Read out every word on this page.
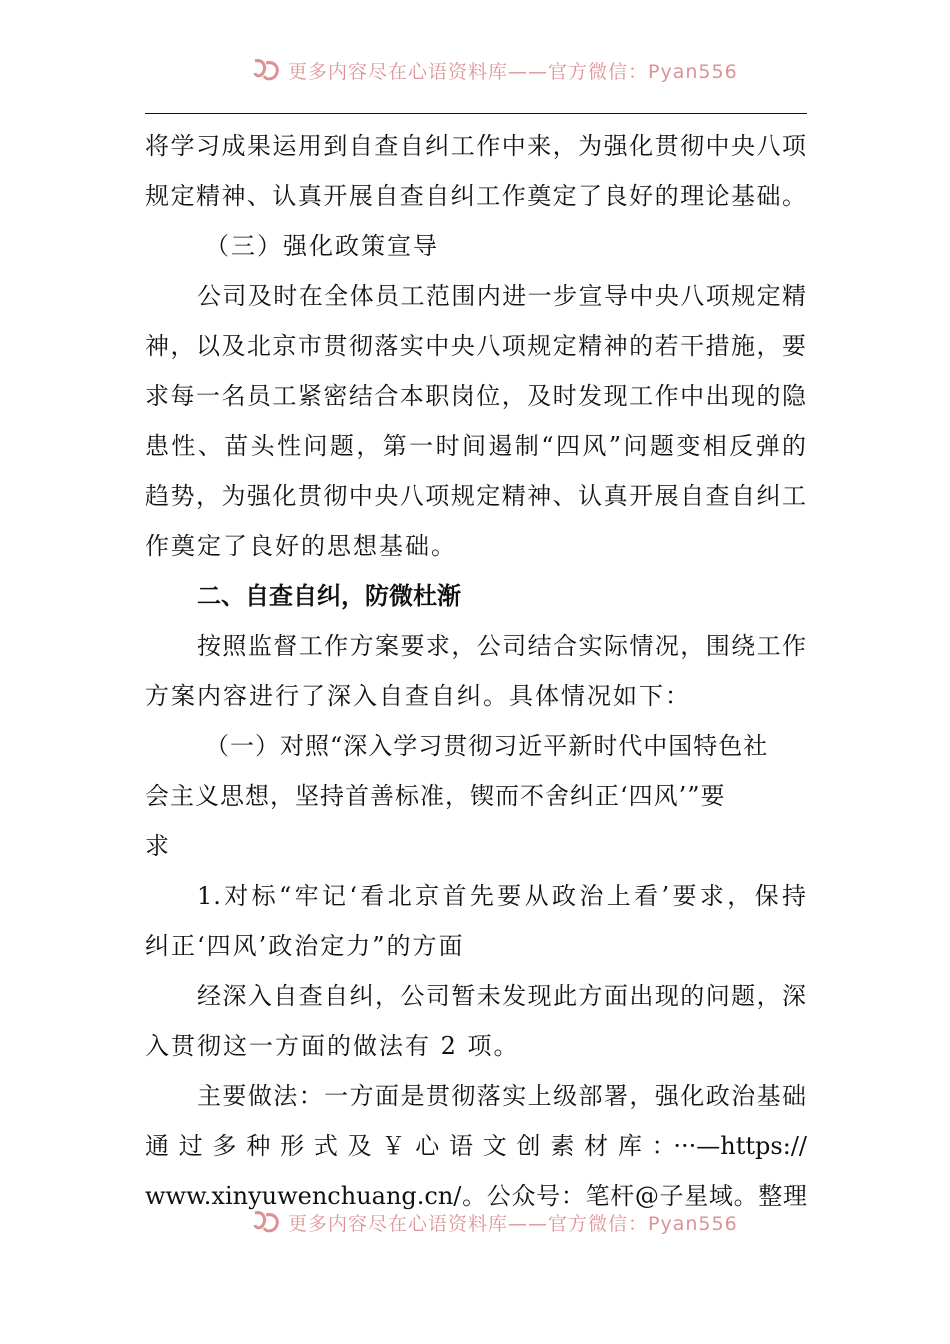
更多内容尽在心语资料库——官方微信：Pyan556
将学习成果运用到自查自纠工作中来，为强化贯彻中央八项
规定精神、认真开展自查自纠工作奠定了良好的理论基础。
（三）强化政策宣导
公司及时在全体员工范围内进一步宣导中央八项规定精
神，以及北京市贯彻落实中央八项规定精神的若干措施，要
求每一名员工紧密结合本职岗位，及时发现工作中出现的隐
患性、苗头性问题，第一时间遏制“四风”问题变相反弹的
趋势，为强化贯彻中央八项规定精神、认真开展自查自纠工
作奠定了良好的思想基础。
二、自查自纠，防微杜渐
按照监督工作方案要求，公司结合实际情况，围绕工作
方案内容进行了深入自查自纠。具体情况如下：
（一）对照“深入学习贯彻习近平新时代中国特色社
会主义思想，坚持首善标准，锲而不舍纠正‘四风’”要
求
1.对标“牢记‘看北京首先要从政治上看’要求，保持
纠正‘四风’政治定力”的方面
经深入自查自纠，公司暂未发现此方面出现的问题，深
入贯彻这一方面的做法有 2 项。
主要做法：一方面是贯彻落实上级部署，强化政治基础
通过多种形式及￥心语文创素材库：···—https://
www.xinyuwenchuang.cn/。公众号：笔杆@子星域。整理
更多内容尽在心语资料库——官方微信：Pyan556
